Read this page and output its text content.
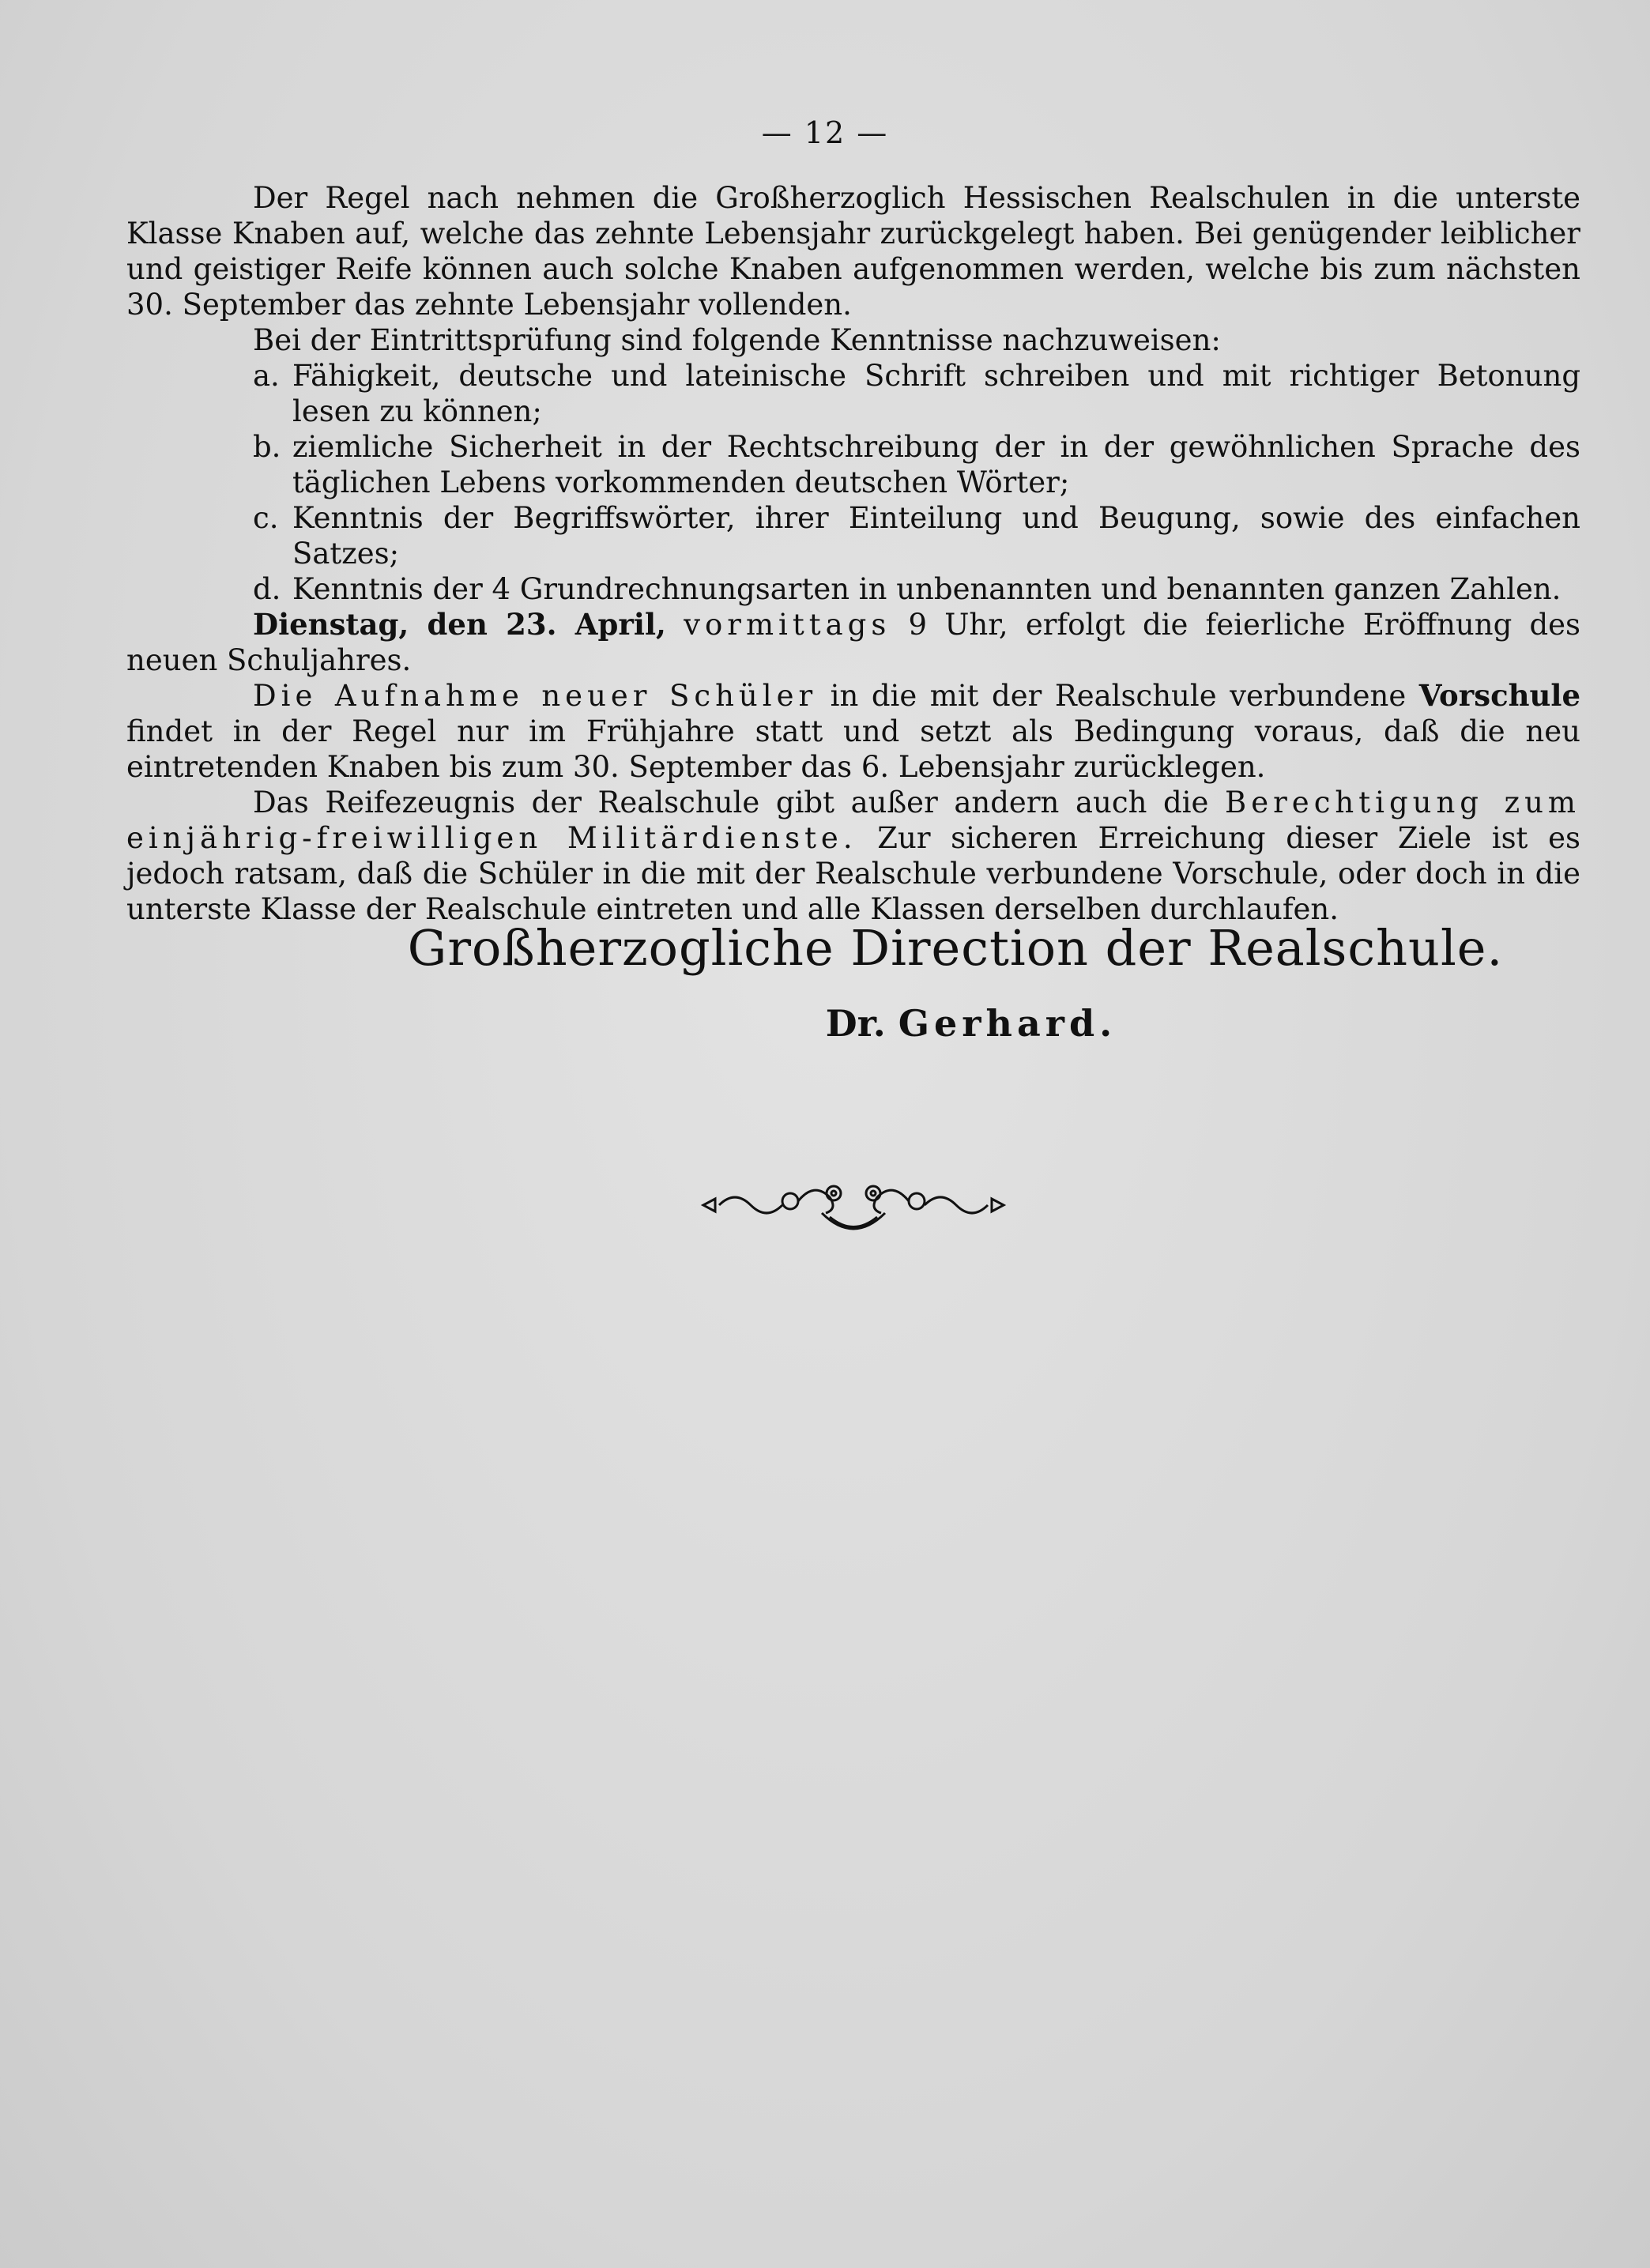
— 12 —

Der Regel nach nehmen die Großherzoglich Hessischen Realschulen in die unterste Klasse Knaben auf, welche das zehnte Lebensjahr zurückgelegt haben. Bei genügender leiblicher und geistiger Reife können auch solche Knaben aufgenommen werden, welche bis zum nächsten 30. September das zehnte Lebensjahr vollenden.

Bei der Eintrittsprüfung sind folgende Kenntnisse nachzuweisen:

a. Fähigkeit, deutsche und lateinische Schrift schreiben und mit richtiger Betonung lesen zu können;
b. ziemliche Sicherheit in der Rechtschreibung der in der gewöhnlichen Sprache des täglichen Lebens vorkommenden deutschen Wörter;
c. Kenntnis der Begriffswörter, ihrer Einteilung und Beugung, sowie des einfachen Satzes;
d. Kenntnis der 4 Grundrechnungsarten in unbenannten und benannten ganzen Zahlen.

Dienstag, den 23. April, vormittags 9 Uhr, erfolgt die feierliche Eröffnung des neuen Schuljahres.

Die Aufnahme neuer Schüler in die mit der Realschule verbundene Vorschule findet in der Regel nur im Frühjahre statt und setzt als Bedingung voraus, daß die neu eintretenden Knaben bis zum 30. September das 6. Lebensjahr zurücklegen.

Das Reifezeugnis der Realschule gibt außer andern auch die Berechtigung zum einjährig-freiwilligen Militärdienste. Zur sicheren Erreichung dieser Ziele ist es jedoch ratsam, daß die Schüler in die mit der Realschule verbundene Vorschule, oder doch in die unterste Klasse der Realschule eintreten und alle Klassen derselben durchlaufen.

Großherzogliche Direction der Realschule.
Dr. Gerhard.
